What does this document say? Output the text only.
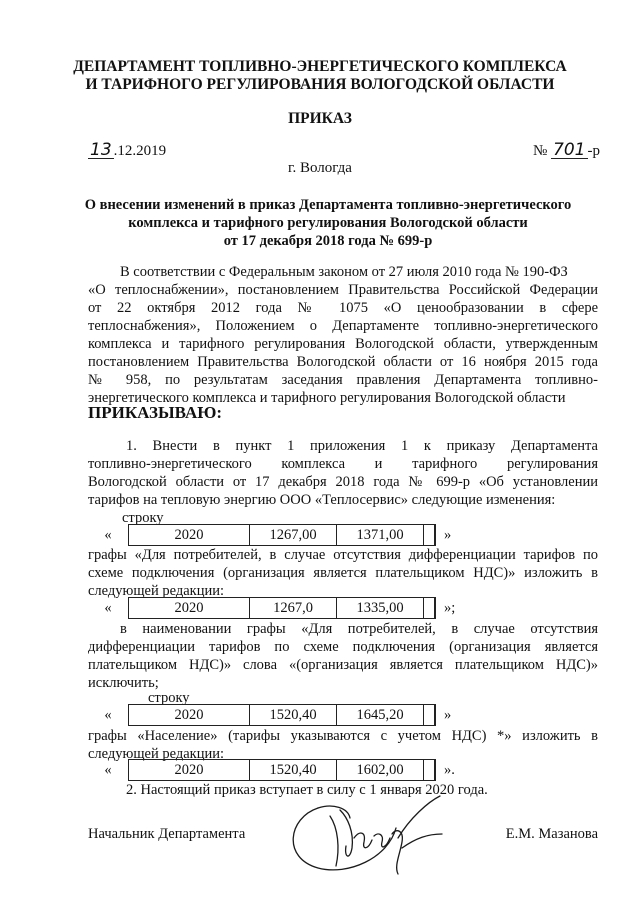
ДЕПАРТАМЕНТ ТОПЛИВНО-ЭНЕРГЕТИЧЕСКОГО КОМПЛЕКСА
И ТАРИФНОГО РЕГУЛИРОВАНИЯ ВОЛОГОДСКОЙ ОБЛАСТИ
ПРИКАЗ
13 .12.2019	№ 701 -р
г. Вологда
О внесении изменений в приказ Департамента топливно-энергетического
комплекса и тарифного регулирования Вологодской области
от 17 декабря 2018 года № 699-р
В соответствии с Федеральным законом от 27 июля 2010 года № 190-ФЗ
«О теплоснабжении», постановлением Правительства Российской Федерации
от 22 октября 2012 года № 1075 «О ценообразовании в сфере
теплоснабжения», Положением о Департаменте топливно-энергетического
комплекса и тарифного регулирования Вологодской области, утвержденным
постановлением Правительства Вологодской области от 16 ноября 2015 года
№ 958, по результатам заседания правления Департамента топливно-
энергетического комплекса и тарифного регулирования Вологодской области
ПРИКАЗЫВАЮ:
1. Внести в пункт 1 приложения 1 к приказу Департамента
топливно-энергетического комплекса и тарифного регулирования
Вологодской области от 17 декабря 2018 года № 699-р «Об установлении
тарифов на тепловую энергию ООО «Теплосервис» следующие изменения:
строку
«	2020	1267,00	1371,00	»
графы «Для потребителей, в случае отсутствия дифференциации тарифов по
схеме подключения (организация является плательщиком НДС)» изложить в
следующей редакции:
«	2020	1267,0	1335,00	»;
в наименовании графы «Для потребителей, в случае отсутствия
дифференциации тарифов по схеме подключения (организация является
плательщиком НДС)» слова «(организация является плательщиком НДС)»
исключить;
строку
«	2020	1520,40	1645,20	»
графы «Население» (тарифы указываются с учетом НДС) *» изложить в
следующей редакции:
«	2020	1520,40	1602,00	».
2. Настоящий приказ вступает в силу с 1 января 2020 года.
Начальник Департамента	Е.М. Мазанова
